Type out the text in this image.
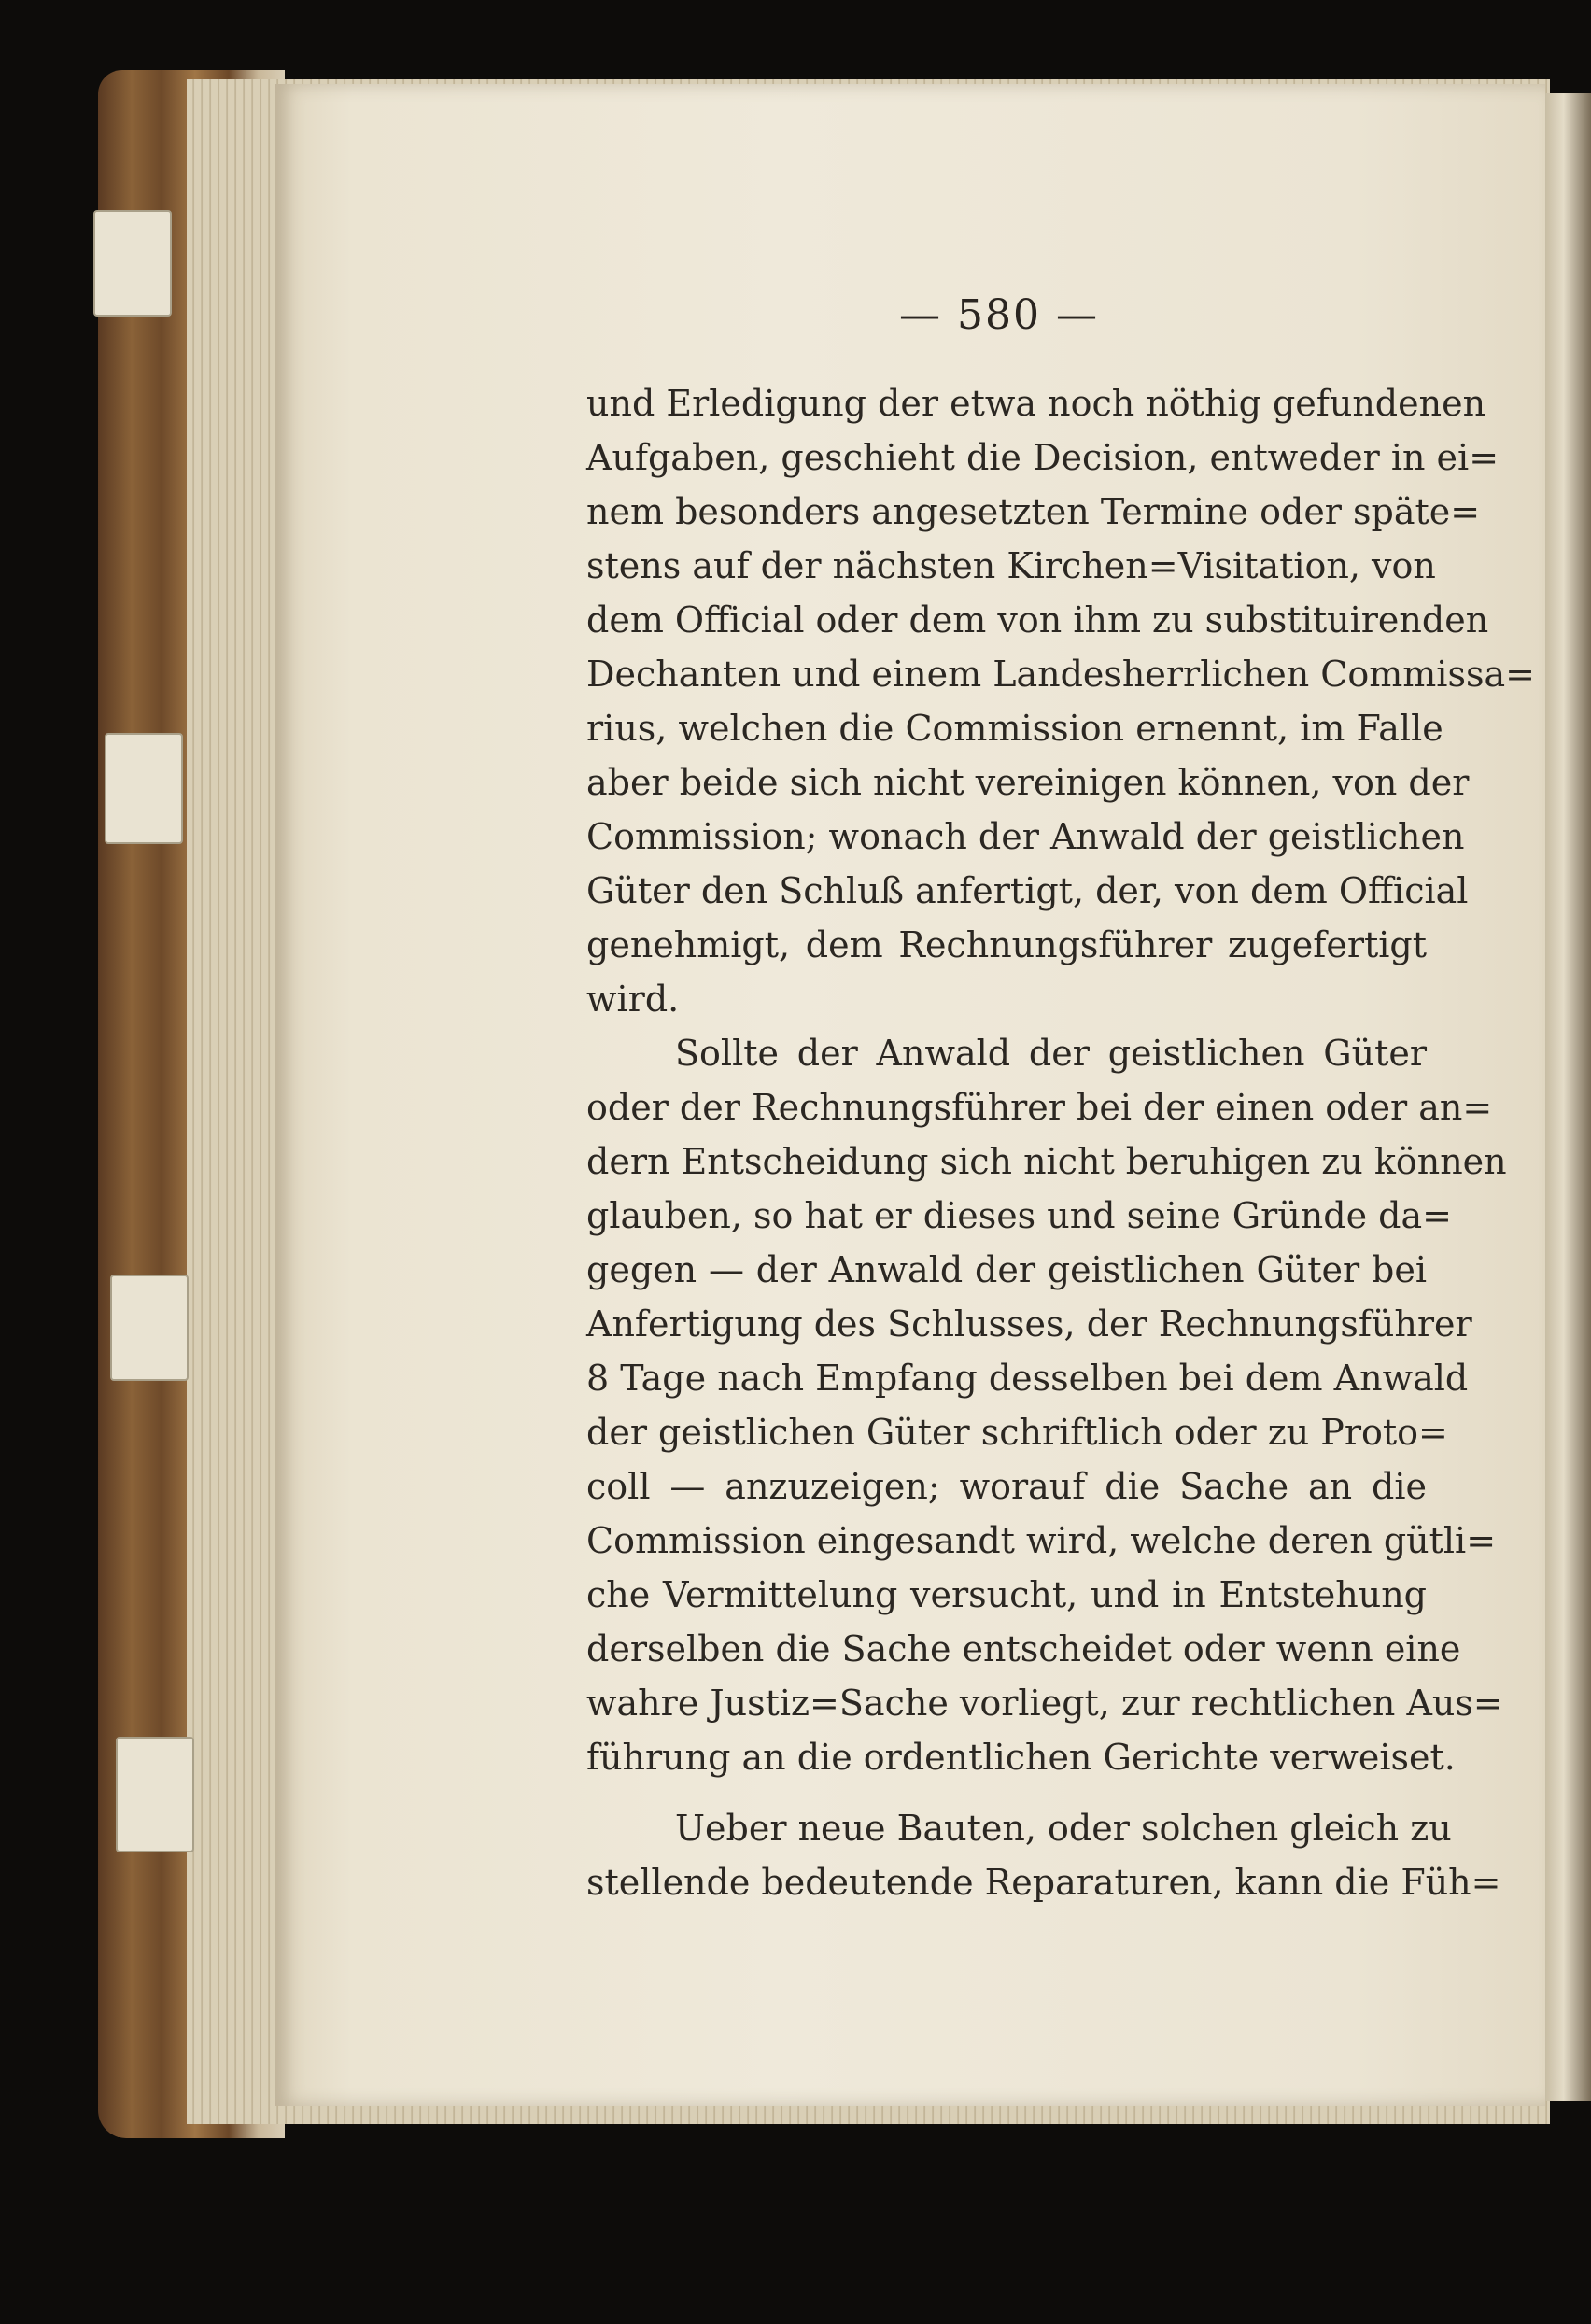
— 580 —
und Erledigung der etwa noch nöthig gefundenen
Aufgaben, geschieht die Decision, entweder in ei=
nem besonders angesetzten Termine oder späte=
stens auf der nächsten Kirchen=Visitation, von
dem Official oder dem von ihm zu substituirenden
Dechanten und einem Landesherrlichen Commissa=
rius, welchen die Commission ernennt, im Falle
aber beide sich nicht vereinigen können, von der
Commission; wonach der Anwald der geistlichen
Güter den Schluß anfertigt, der, von dem Official
genehmigt, dem Rechnungsführer zugefertigt
wird.
Sollte der Anwald der geistlichen Güter
oder der Rechnungsführer bei der einen oder an=
dern Entscheidung sich nicht beruhigen zu können
glauben, so hat er dieses und seine Gründe da=
gegen — der Anwald der geistlichen Güter bei
Anfertigung des Schlusses, der Rechnungsführer
8 Tage nach Empfang desselben bei dem Anwald
der geistlichen Güter schriftlich oder zu Proto=
coll — anzuzeigen; worauf die Sache an die
Commission eingesandt wird, welche deren gütli=
che Vermittelung versucht, und in Entstehung
derselben die Sache entscheidet oder wenn eine
wahre Justiz=Sache vorliegt, zur rechtlichen Aus=
führung an die ordentlichen Gerichte verweiset.
Ueber neue Bauten, oder solchen gleich zu
stellende bedeutende Reparaturen, kann die Füh=
